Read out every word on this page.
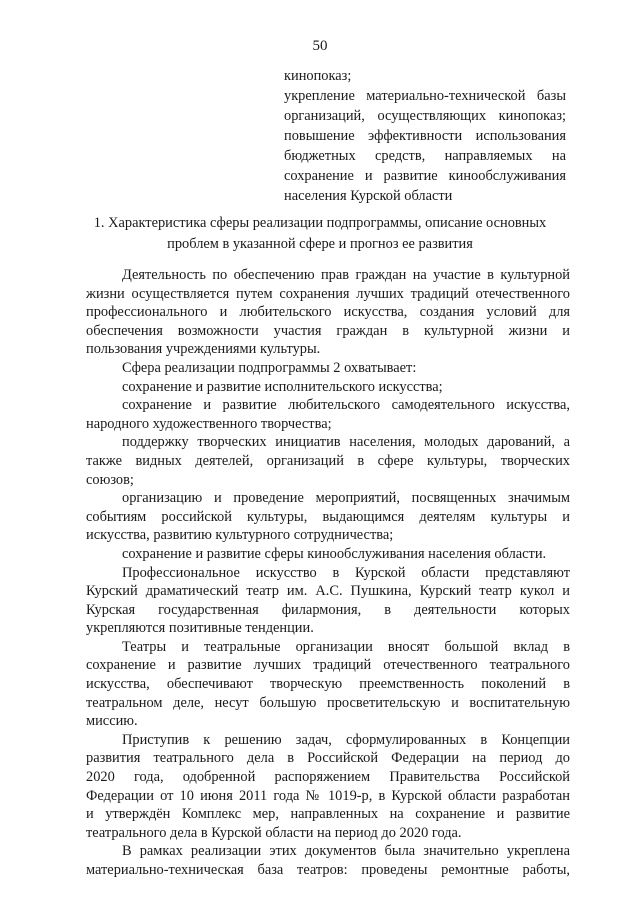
50
кинопоказ;
укрепление материально-технической базы
организаций, осуществляющих кинопоказ;
повышение эффективности использования
бюджетных средств, направляемых на
сохранение и развитие кинообслуживания
населения Курской области
1. Характеристика сферы реализации подпрограммы, описание основных
проблем в указанной сфере и прогноз ее развития
Деятельность по обеспечению прав граждан на участие в культурной
жизни осуществляется путем сохранения лучших традиций отечественного
профессионального и любительского искусства, создания условий для
обеспечения возможности участия граждан в культурной жизни и
пользования учреждениями культуры.
Сфера реализации подпрограммы 2 охватывает:
сохранение и развитие исполнительского искусства;
сохранение и развитие любительского самодеятельного искусства,
народного художественного творчества;
поддержку творческих инициатив населения, молодых дарований, а
также видных деятелей, организаций в сфере культуры, творческих
союзов;
организацию и проведение мероприятий, посвященных значимым
событиям российской культуры, выдающимся деятелям культуры и
искусства, развитию культурного сотрудничества;
сохранение и развитие сферы кинообслуживания населения области.
Профессиональное искусство в Курской области представляют
Курский драматический театр им. А.С. Пушкина, Курский театр кукол и
Курская государственная филармония, в деятельности которых
укрепляются позитивные тенденции.
Театры и театральные организации вносят большой вклад в
сохранение и развитие лучших традиций отечественного театрального
искусства, обеспечивают творческую преемственность поколений в
театральном деле, несут большую просветительскую и воспитательную
миссию.
Приступив к решению задач, сформулированных в Концепции
развития театрального дела в Российской Федерации на период до
2020 года, одобренной распоряжением Правительства Российской
Федерации от 10 июня 2011 года № 1019-р, в Курской области разработан
и утверждён Комплекс мер, направленных на сохранение и развитие
театрального дела в Курской области на период до 2020 года.
В рамках реализации этих документов была значительно укреплена
материально-техническая база театров: проведены ремонтные работы,
